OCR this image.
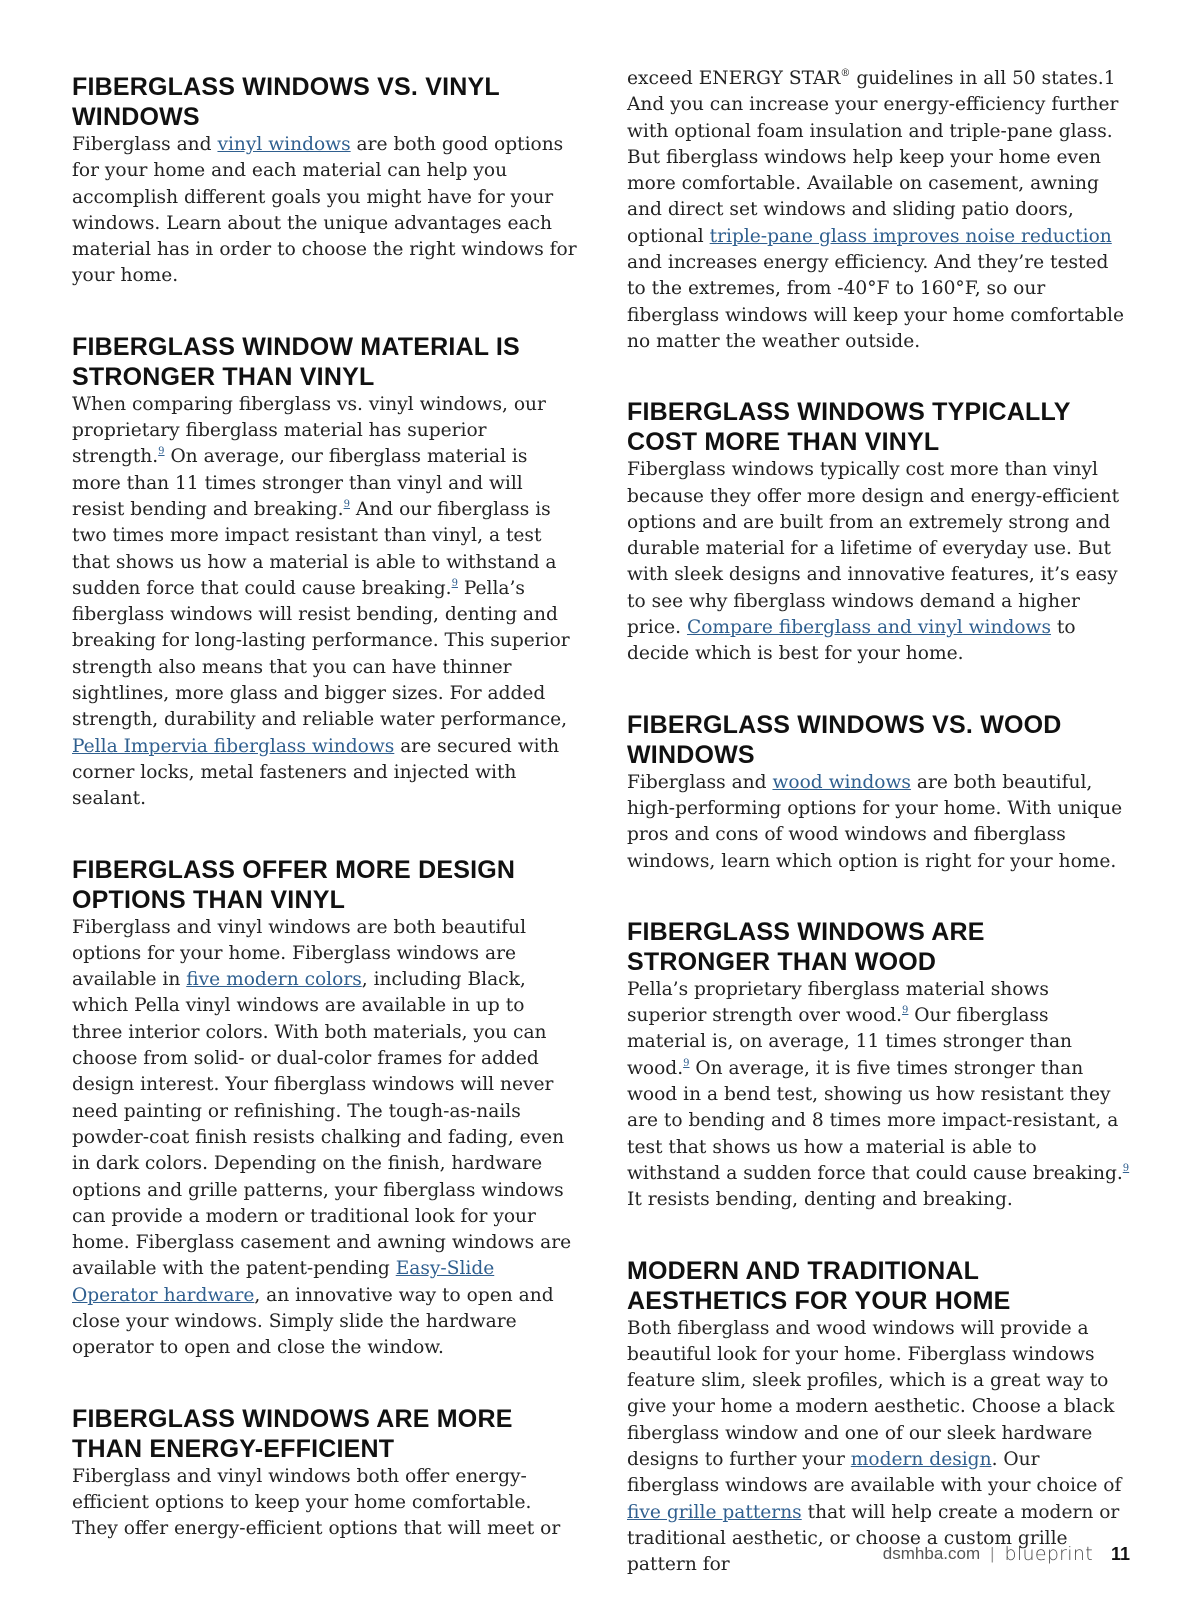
FIBERGLASS WINDOWS VS. VINYL WINDOWS

Fiberglass and vinyl windows are both good options for your home and each material can help you accomplish different goals you might have for your windows. Learn about the unique advantages each material has in order to choose the right windows for your home.

FIBERGLASS WINDOW MATERIAL IS STRONGER THAN VINYL

When comparing fiberglass vs. vinyl windows, our proprietary fiberglass material has superior strength.$^9$ On average, our fiberglass material is more than 11 times stronger than vinyl and will resist bending and breaking.$^9$ And our fiberglass is two times more impact resistant than vinyl, a test that shows us how a material is able to withstand a sudden force that could cause breaking.$^9$ Pella’s fiberglass windows will resist bending, denting and breaking for long-lasting performance. This superior strength also means that you can have thinner sightlines, more glass and bigger sizes. For added strength, durability and reliable water performance, Pella Impervia fiberglass windows are secured with corner locks, metal fasteners and injected with sealant.

FIBERGLASS OFFER MORE DESIGN OPTIONS THAN VINYL

Fiberglass and vinyl windows are both beautiful options for your home. Fiberglass windows are available in five modern colors, including Black, which Pella vinyl windows are available in up to three interior colors. With both materials, you can choose from solid- or dual-color frames for added design interest. Your fiberglass windows will never need painting or refinishing. The tough-as-nails powder-coat finish resists chalking and fading, even in dark colors. Depending on the finish, hardware options and grille patterns, your fiberglass windows can provide a modern or traditional look for your home. Fiberglass casement and awning windows are available with the patent-pending Easy-Slide Operator hardware, an innovative way to open and close your windows. Simply slide the hardware operator to open and close the window.

FIBERGLASS WINDOWS ARE MORE THAN ENERGY-EFFICIENT

Fiberglass and vinyl windows both offer energy-efficient options to keep your home comfortable. They offer energy-efficient options that will meet or

exceed ENERGY STAR® guidelines in all 50 states.1 And you can increase your energy-efficiency further with optional foam insulation and triple-pane glass. But fiberglass windows help keep your home even more comfortable. Available on casement, awning and direct set windows and sliding patio doors, optional triple-pane glass improves noise reduction and increases energy efficiency. And they’re tested to the extremes, from -40°F to 160°F, so our fiberglass windows will keep your home comfortable no matter the weather outside.

FIBERGLASS WINDOWS TYPICALLY COST MORE THAN VINYL

Fiberglass windows typically cost more than vinyl because they offer more design and energy-efficient options and are built from an extremely strong and durable material for a lifetime of everyday use. But with sleek designs and innovative features, it’s easy to see why fiberglass windows demand a higher price. Compare fiberglass and vinyl windows to decide which is best for your home.

FIBERGLASS WINDOWS VS. WOOD WINDOWS

Fiberglass and wood windows are both beautiful, high-performing options for your home. With unique pros and cons of wood windows and fiberglass windows, learn which option is right for your home.

FIBERGLASS WINDOWS ARE STRONGER THAN WOOD

Pella’s proprietary fiberglass material shows superior strength over wood.$^9$ Our fiberglass material is, on average, 11 times stronger than wood.$^9$ On average, it is five times stronger than wood in a bend test, showing us how resistant they are to bending and 8 times more impact-resistant, a test that shows us how a material is able to withstand a sudden force that could cause breaking.$^9$ It resists bending, denting and breaking.

MODERN AND TRADITIONAL AESTHETICS FOR YOUR HOME

Both fiberglass and wood windows will provide a beautiful look for your home. Fiberglass windows feature slim, sleek profiles, which is a great way to give your home a modern aesthetic. Choose a black fiberglass window and one of our sleek hardware designs to further your modern design. Our fiberglass windows are available with your choice of five grille patterns that will help create a modern or traditional aesthetic, or choose a custom grille pattern for

dsmhba.com | blueprint 11
